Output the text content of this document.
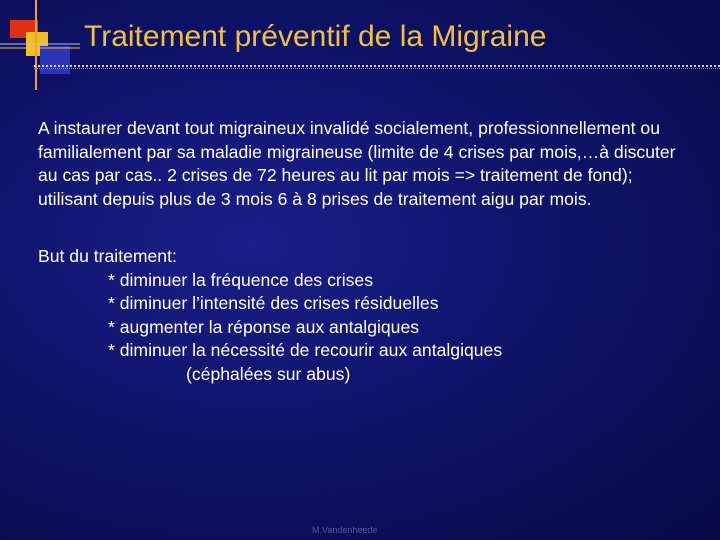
Traitement préventif de la Migraine

A instaurer devant tout migraineux invalidé socialement, professionnellement ou familialement par sa maladie migraineuse (limite de 4 crises par mois,…à discuter au cas par cas.. 2 crises de 72 heures au lit par mois => traitement de fond); utilisant depuis plus de 3 mois 6 à 8 prises de traitement aigu par mois.

But du traitement:

* diminuer la fréquence des crises

* diminuer l’intensité des crises résiduelles

* augmenter la réponse aux antalgiques

* diminuer la nécessité de recourir aux antalgiques

(céphalées sur abus)

M.Vandenheede
